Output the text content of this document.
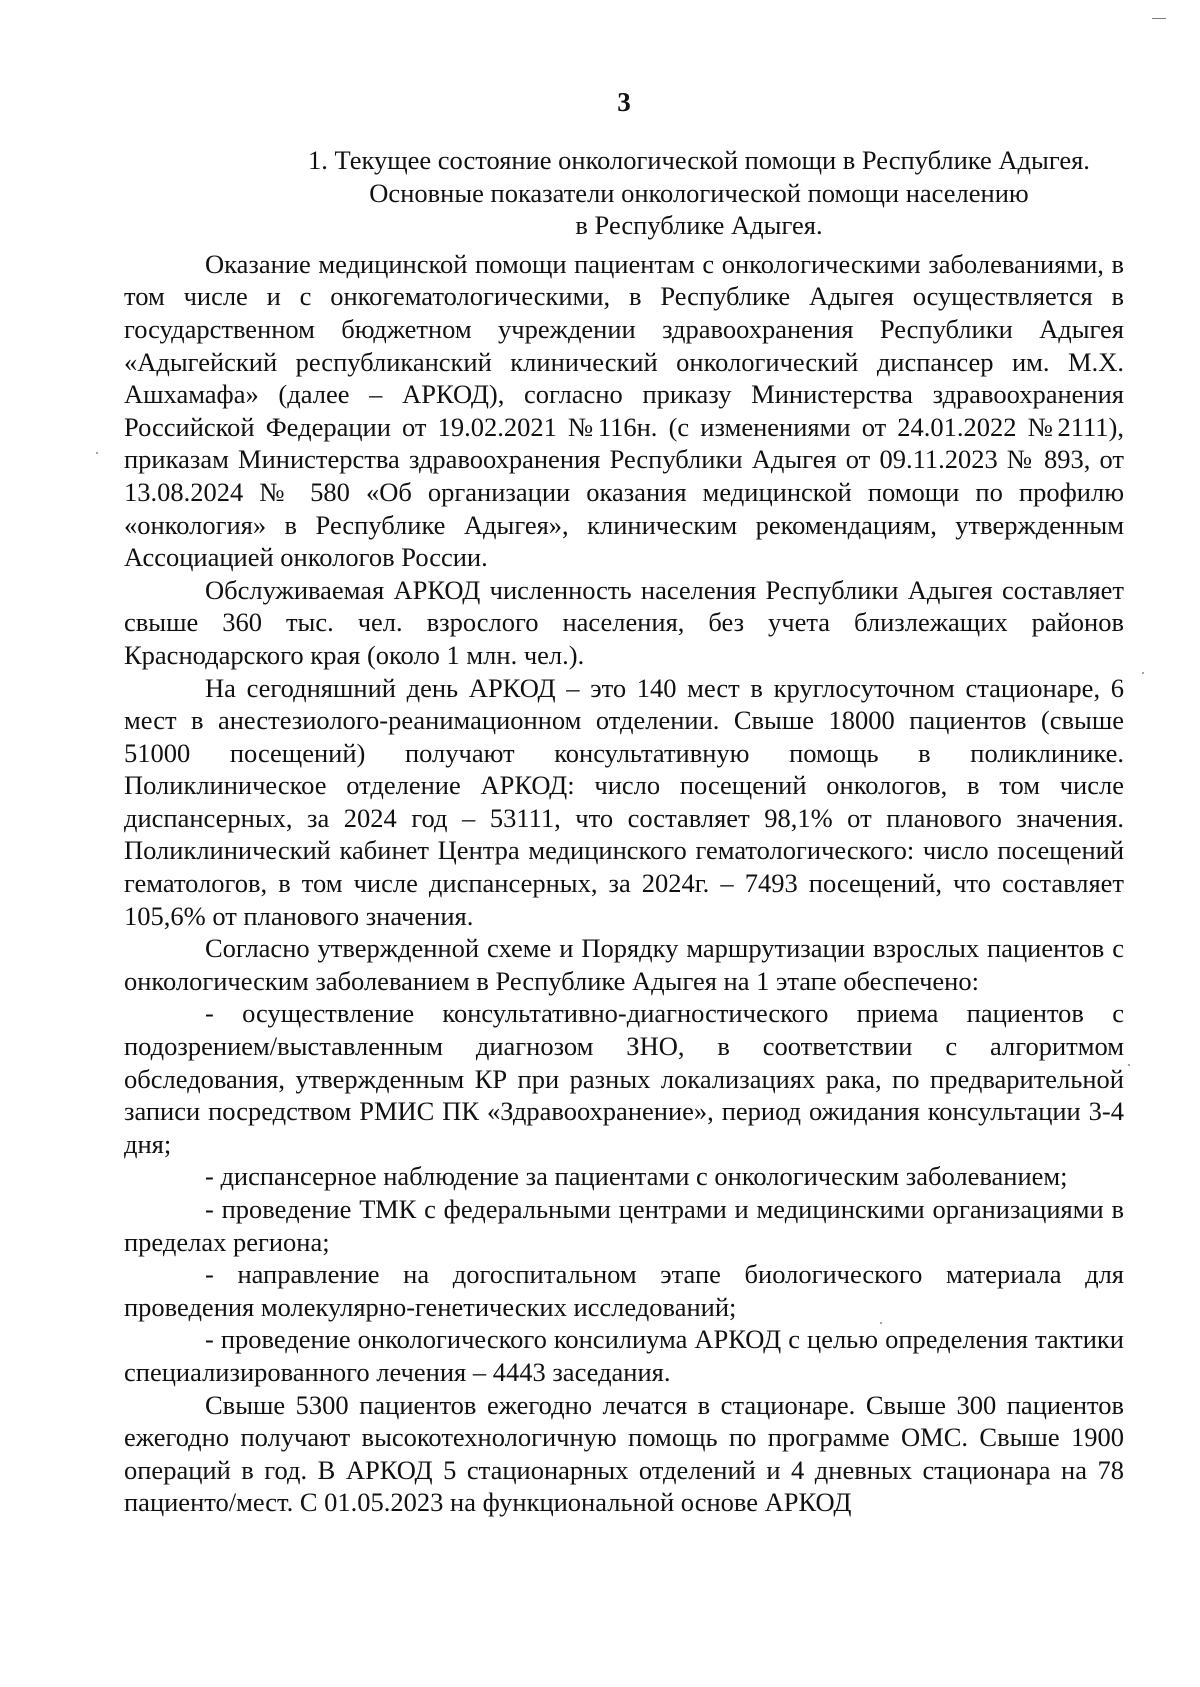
3
1. Текущее состояние онкологической помощи в Республике Адыгея.
Основные показатели онкологической помощи населению
в Республике Адыгея.

Оказание медицинской помощи пациентам с онкологическими заболеваниями, в том числе и с онкогематологическими, в Республике Адыгея осуществляется в государственном бюджетном учреждении здравоохранения Республики Адыгея «Адыгейский республиканский клинический онкологический диспансер им. М.Х. Ашхамафа» (далее – АРКОД), согласно приказу Министерства здравоохранения Российской Федерации от 19.02.2021 №116н. (с изменениями от 24.01.2022 №2111), приказам Министерства здравоохранения Республики Адыгея от 09.11.2023 № 893, от 13.08.2024 № 580 «Об организации оказания медицинской помощи по профилю «онкология» в Республике Адыгея», клиническим рекомендациям, утвержденным Ассоциацией онкологов России.

Обслуживаемая АРКОД численность населения Республики Адыгея составляет свыше 360 тыс. чел. взрослого населения, без учета близлежащих районов Краснодарского края (около 1 млн. чел.).

На сегодняшний день АРКОД – это 140 мест в круглосуточном стационаре, 6 мест в анестезиолого-реанимационном отделении. Свыше 18000 пациентов (свыше 51000 посещений) получают консультативную помощь в поликлинике. Поликлиническое отделение АРКОД: число посещений онкологов, в том числе диспансерных, за 2024 год – 53111, что составляет 98,1% от планового значения. Поликлинический кабинет Центра медицинского гематологического: число посещений гематологов, в том числе диспансерных, за 2024г. – 7493 посещений, что составляет 105,6% от планового значения.

Согласно утвержденной схеме и Порядку маршрутизации взрослых пациентов с онкологическим заболеванием в Республике Адыгея на 1 этапе обеспечено:

- осуществление консультативно-диагностического приема пациентов с подозрением/выставленным диагнозом ЗНО, в соответствии с алгоритмом обследования, утвержденным КР при разных локализациях рака, по предварительной записи посредством РМИС ПК «Здравоохранение», период ожидания консультации 3-4 дня;

- диспансерное наблюдение за пациентами с онкологическим заболеванием;

- проведение ТМК с федеральными центрами и медицинскими организациями в пределах региона;

- направление на догоспитальном этапе биологического материала для проведения молекулярно-генетических исследований;

- проведение онкологического консилиума АРКОД с целью определения тактики специализированного лечения – 4443 заседания.

Свыше 5300 пациентов ежегодно лечатся в стационаре. Свыше 300 пациентов ежегодно получают высокотехнологичную помощь по программе ОМС. Свыше 1900 операций в год. В АРКОД 5 стационарных отделений и 4 дневных стационара на 78 пациенто/мест. С 01.05.2023 на функциональной основе АРКОД
